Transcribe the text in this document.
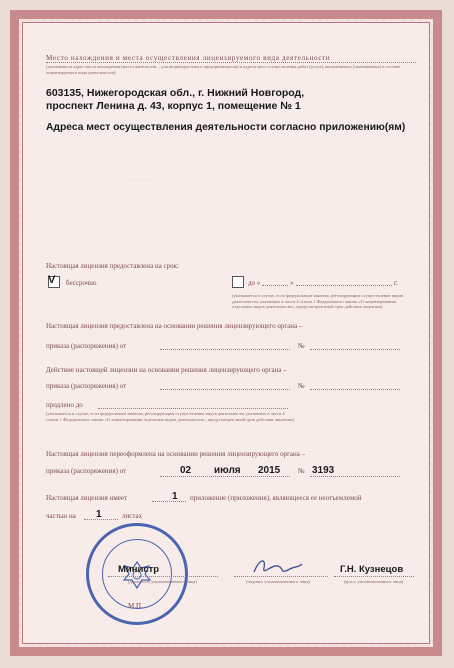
Место нахождения и места осуществления лицензируемого вида деятельности
(указываются адрес места нахождения (места жительства – для индивидуального предпринимателя) и адреса мест осуществления работ (услуг), выполняемых (оказываемых) в составе лицензируемого вида деятельности)
603135, Нижегородская обл., г. Нижний Новгород,
проспект Ленина д. 43, корпус 1, помещение № 1
Адреса мест осуществления деятельности согласно приложению(ям)
· · · · · ·
Настоящая лицензия предоставлена на срок:
V бессрочно	до «	»	г.
(указывается в случае, если федеральным законом, регулирующим осуществление видов деятельности, указанных в части 4 статьи 1 Федерального закона «О лицензировании отдельных видов деятельности», предусмотрен иной срок действия лицензии)
Настоящая лицензия предоставлена на основании решения лицензирующего органа –
приказа (распоряжения) от	№
Действие настоящей лицензии на основании решения лицензирующего органа –
приказа (распоряжения) от	№
продлено до
(указывается в случае, если федеральным законом, регулирующим осуществление видов деятельности, указанных в части 4 статьи 1 Федерального закона «О лицензировании отдельных видов деятельности», предусмотрен иной срок действия лицензии)
Настоящая лицензия переоформлена на основании решения лицензирующего органа –
приказа (распоряжения) от	02 июля 2015	№ 3193
Настоящая лицензия имеет	1 приложение (приложения), являющееся ее неотъемлемой
частью на 1	листах
Министр
(должность уполномоченного лица)	(подпись уполномоченного лица)
Г.Н. Кузнецов
(ф.и.о. уполномоченного лица)
М.П.
